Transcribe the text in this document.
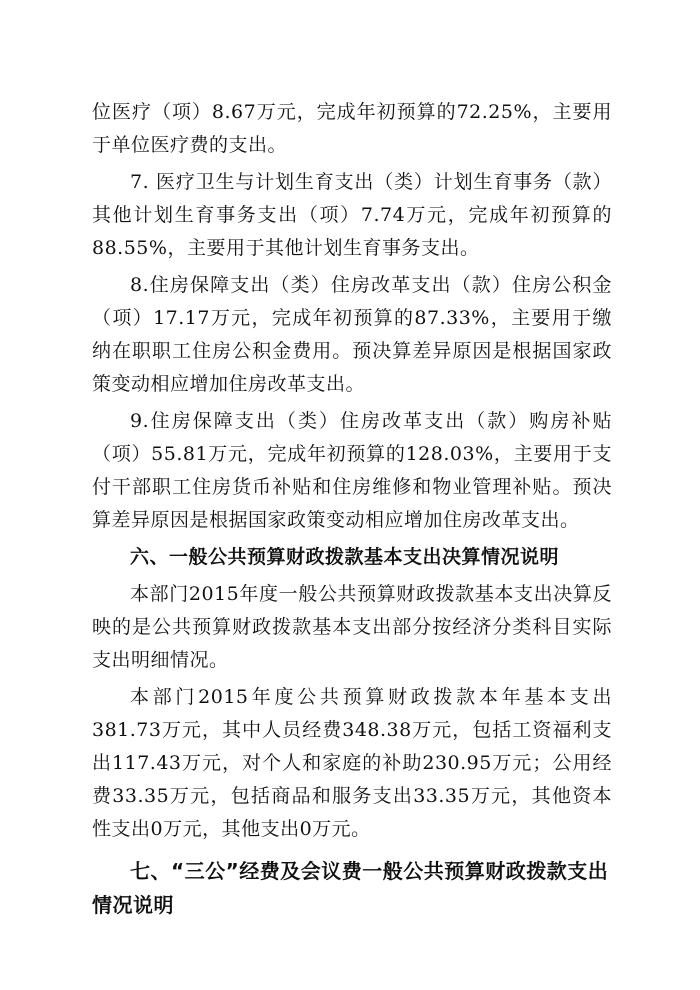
位医疗（项）8.67万元，完成年初预算的72.25%，主要用于单位医疗费的支出。

7. 医疗卫生与计划生育支出（类）计划生育事务（款）其他计划生育事务支出（项）7.74万元，完成年初预算的88.55%，主要用于其他计划生育事务支出。

8.住房保障支出（类）住房改革支出（款）住房公积金（项）17.17万元，完成年初预算的87.33%，主要用于缴纳在职职工住房公积金费用。预决算差异原因是根据国家政策变动相应增加住房改革支出。

9.住房保障支出（类）住房改革支出（款）购房补贴（项）55.81万元，完成年初预算的128.03%，主要用于支付干部职工住房货币补贴和住房维修和物业管理补贴。预决算差异原因是根据国家政策变动相应增加住房改革支出。

六、一般公共预算财政拨款基本支出决算情况说明

本部门2015年度一般公共预算财政拨款基本支出决算反映的是公共预算财政拨款基本支出部分按经济分类科目实际支出明细情况。

本部门2015年度公共预算财政拨款本年基本支出381.73万元，其中人员经费348.38万元，包括工资福利支出117.43万元，对个人和家庭的补助230.95万元；公用经费33.35万元，包括商品和服务支出33.35万元，其他资本性支出0万元，其他支出0万元。

七、“三公”经费及会议费一般公共预算财政拨款支出情况说明
